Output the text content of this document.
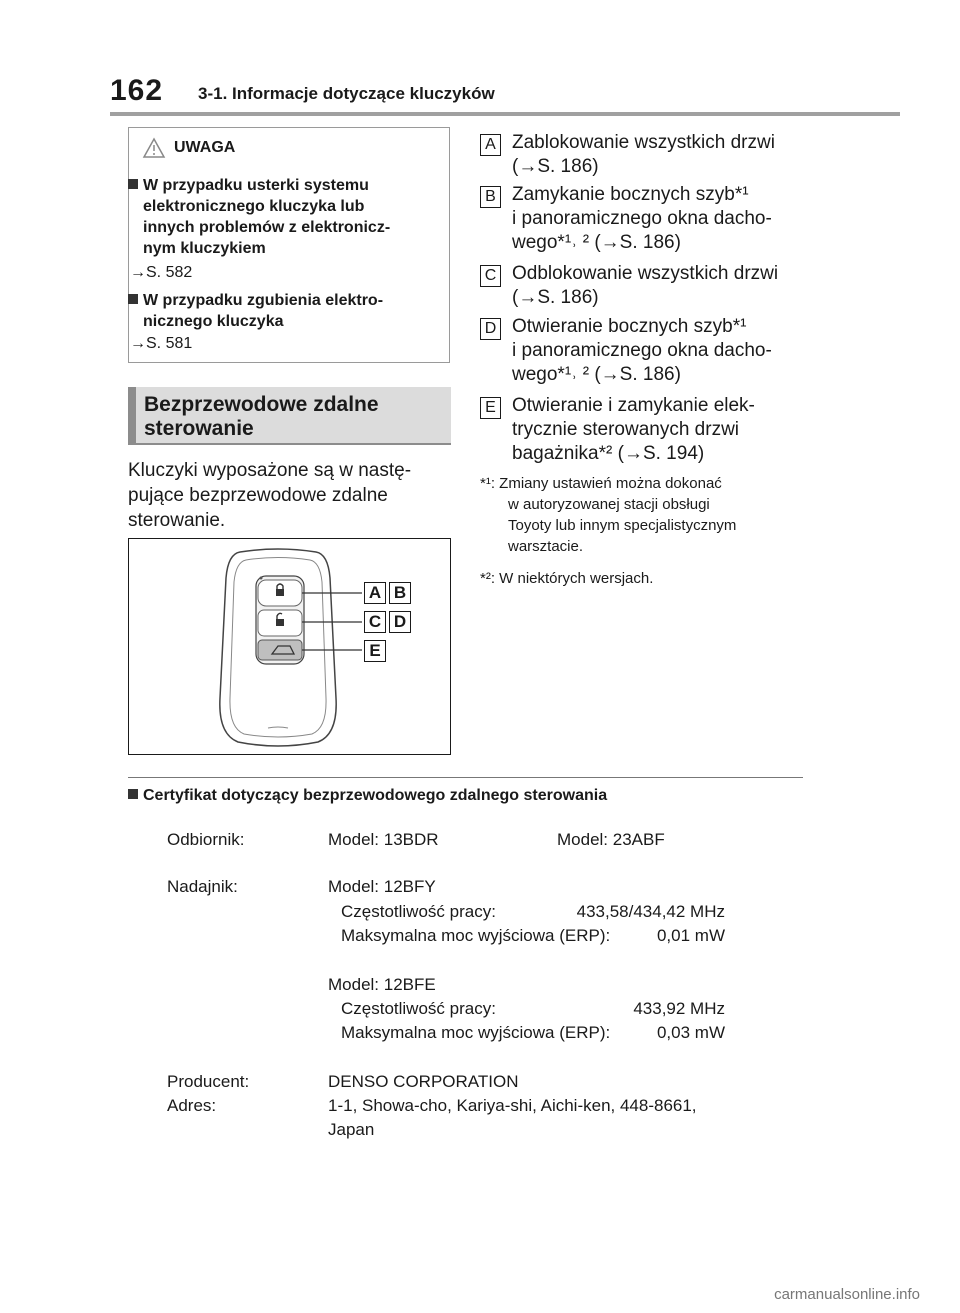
162 3-1. Informacje dotyczące kluczyków
UWAGA
W przypadku usterki systemu
elektronicznego kluczyka lub
innych problemów z elektronicz-
nym kluczykiem
→S. 582
W przypadku zgubienia elektro-
nicznego kluczyka
→S. 581
Bezprzewodowe zdalne
sterowanie
Kluczyki wyposażone są w nastę-
pujące bezprzewodowe zdalne
sterowanie.
A B
C D
E
A Zablokowanie wszystkich drzwi
(→S. 186)
B Zamykanie bocznych szyb*¹
i panoramicznego okna dacho-
wego*¹˒ ² (→S. 186)
C Odblokowanie wszystkich drzwi
(→S. 186)
D Otwieranie bocznych szyb*¹
i panoramicznego okna dacho-
wego*¹˒ ² (→S. 186)
E Otwieranie i zamykanie elek-
trycznie sterowanych drzwi
bagażnika*² (→S. 194)
*¹: Zmiany ustawień można dokonać
w autoryzowanej stacji obsługi
Toyoty lub innym specjalistycznym
warsztacie.
*²: W niektórych wersjach.
Certyfikat dotyczący bezprzewodowego zdalnego sterowania
Odbiornik:	Model: 13BDR	Model: 23ABF
Nadajnik:	Model: 12BFY
Częstotliwość pracy:	433,58/434,42 MHz
Maksymalna moc wyjściowa (ERP):	0,01 mW
Model: 12BFE
Częstotliwość pracy:	433,92 MHz
Maksymalna moc wyjściowa (ERP):	0,03 mW
Producent:	DENSO CORPORATION
Adres:	1-1, Showa-cho, Kariya-shi, Aichi-ken, 448-8661,
Japan
carmanualsonline.info
